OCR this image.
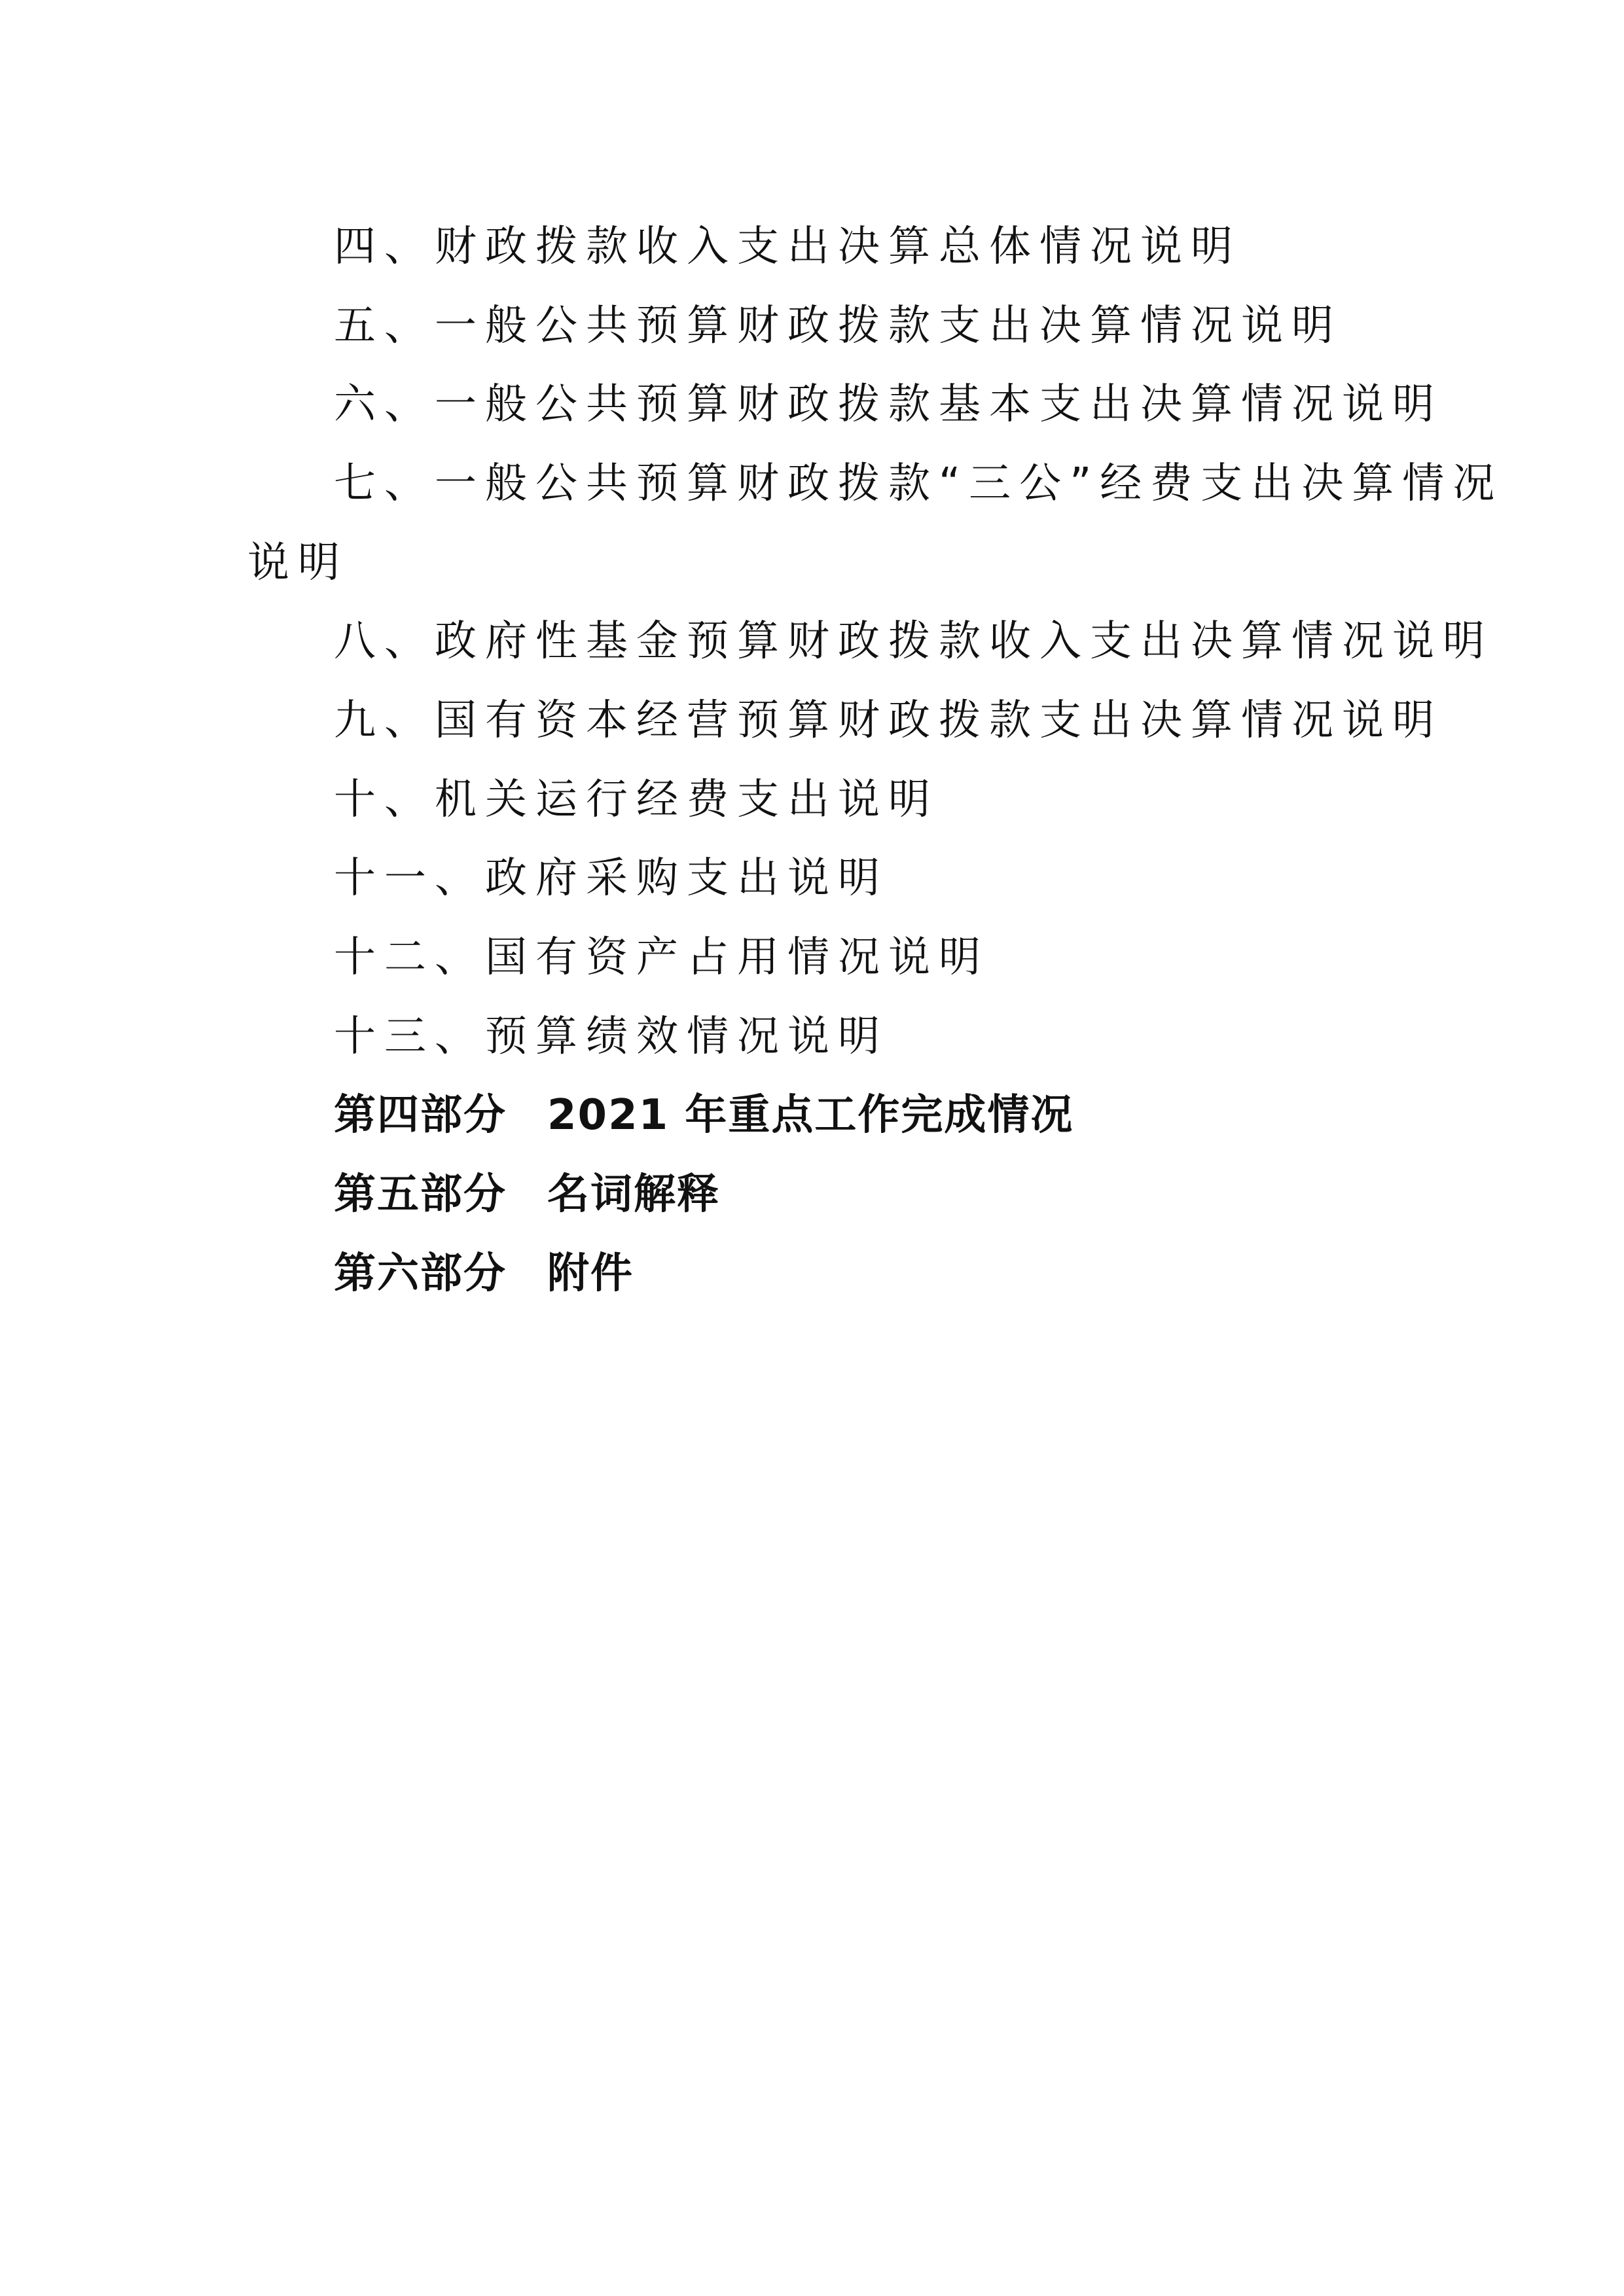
四、财政拨款收入支出决算总体情况说明
五、一般公共预算财政拨款支出决算情况说明
六、一般公共预算财政拨款基本支出决算情况说明
七、一般公共预算财政拨款“三公”经费支出决算情况
说明
八、政府性基金预算财政拨款收入支出决算情况说明
九、国有资本经营预算财政拨款支出决算情况说明
十、机关运行经费支出说明
十一、政府采购支出说明
十二、国有资产占用情况说明
十三、预算绩效情况说明
第四部分 2021 年重点工作完成情况
第五部分 名词解释
第六部分 附件
